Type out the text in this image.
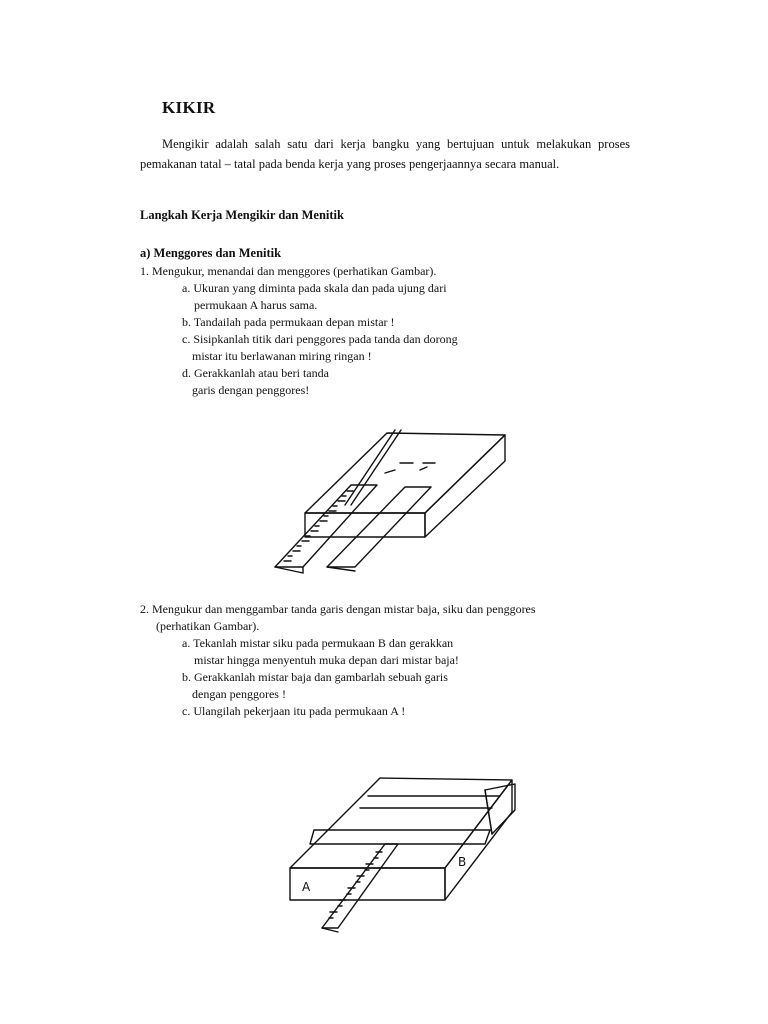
KIKIR
Mengikir adalah salah satu dari kerja bangku yang bertujuan untuk melakukan proses
pemakanan tatal – tatal pada benda kerja yang proses pengerjaannya secara manual.
Langkah Kerja Mengikir dan Menitik
a) Menggores dan Menitik
1. Mengukur, menandai dan menggores (perhatikan Gambar).
a. Ukuran yang diminta pada skala dan pada ujung dari
permukaan A harus sama.
b. Tandailah pada permukaan depan mistar !
c. Sisipkanlah titik dari penggores pada tanda dan dorong
mistar itu berlawanan miring ringan !
d. Gerakkanlah atau beri tanda
garis dengan penggores!
2. Mengukur dan menggambar tanda garis dengan mistar baja, siku dan penggores
(perhatikan Gambar).
a. Tekanlah mistar siku pada permukaan B dan gerakkan
mistar hingga menyentuh muka depan dari mistar baja!
b. Gerakkanlah mistar baja dan gambarlah sebuah garis
dengan penggores !
c. Ulangilah pekerjaan itu pada permukaan A !
A
B
